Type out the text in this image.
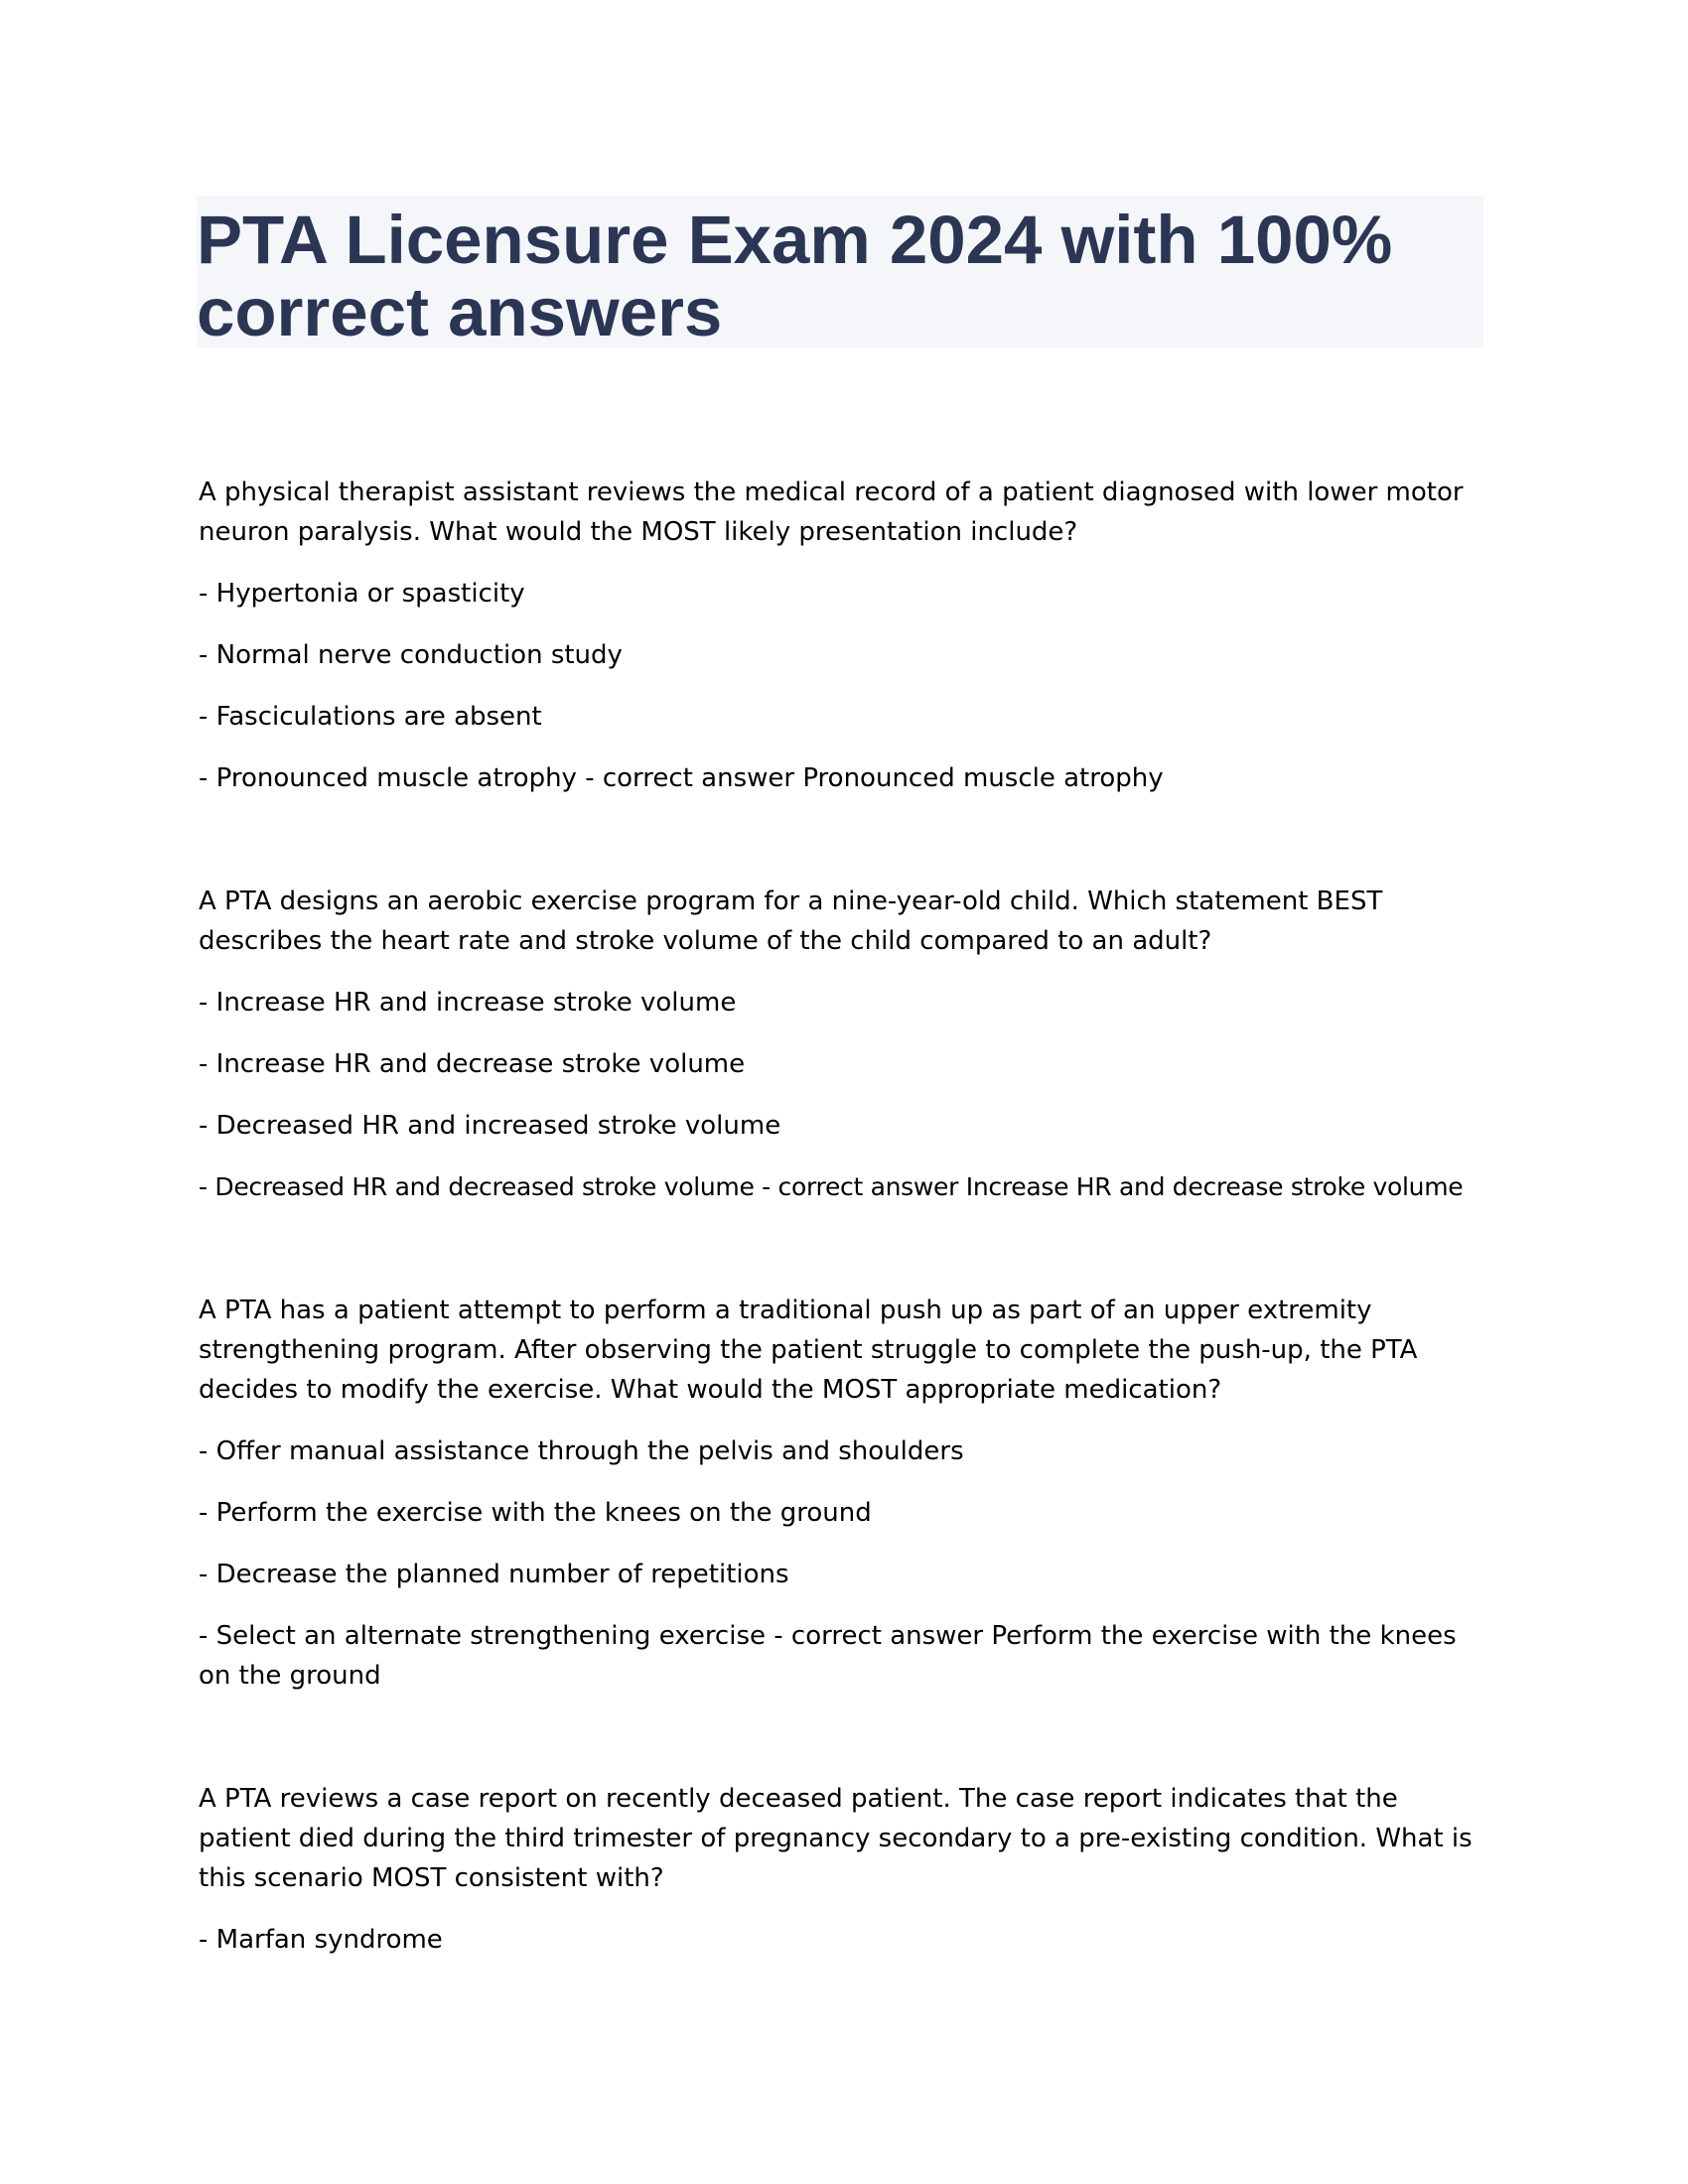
PTA Licensure Exam 2024 with 100%
correct answers
A physical therapist assistant reviews the medical record of a patient diagnosed with lower motor neuron paralysis. What would the MOST likely presentation include?
- Hypertonia or spasticity
- Normal nerve conduction study
- Fasciculations are absent
- Pronounced muscle atrophy - correct answer Pronounced muscle atrophy
A PTA designs an aerobic exercise program for a nine-year-old child. Which statement BEST describes the heart rate and stroke volume of the child compared to an adult?
- Increase HR and increase stroke volume
- Increase HR and decrease stroke volume
- Decreased HR and increased stroke volume
- Decreased HR and decreased stroke volume - correct answer Increase HR and decrease stroke volume
A PTA has a patient attempt to perform a traditional push up as part of an upper extremity strengthening program. After observing the patient struggle to complete the push-up, the PTA decides to modify the exercise. What would the MOST appropriate medication?
- Offer manual assistance through the pelvis and shoulders
- Perform the exercise with the knees on the ground
- Decrease the planned number of repetitions
- Select an alternate strengthening exercise - correct answer Perform the exercise with the knees on the ground
A PTA reviews a case report on recently deceased patient. The case report indicates that the patient died during the third trimester of pregnancy secondary to a pre-existing condition. What is this scenario MOST consistent with?
- Marfan syndrome
